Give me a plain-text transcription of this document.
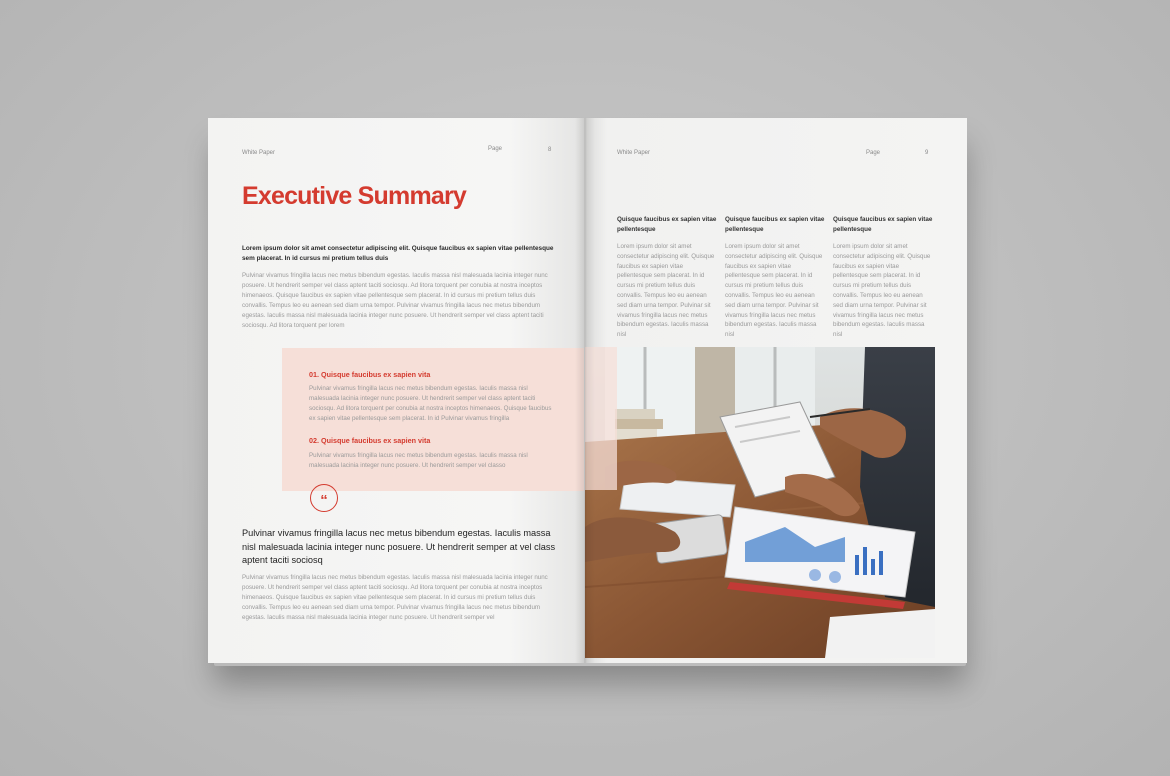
White Paper
Page	8
Executive Summary
Lorem ipsum dolor sit amet consectetur adipiscing elit. Quisque faucibus ex sapien vitae pellentesque sem placerat. In id cursus mi pretium tellus duis
Pulvinar vivamus fringilla lacus nec metus bibendum egestas. Iaculis massa nisl malesuada lacinia integer nunc posuere. Ut hendrerit semper vel class aptent taciti sociosqu. Ad litora torquent per conubia at nostra inceptos himenaeos. Quisque faucibus ex sapien vitae pellentesque sem placerat. In id cursus mi pretium tellus duis convallis. Tempus leo eu aenean sed diam urna tempor. Pulvinar vivamus fringilla lacus nec metus bibendum egestas. Iaculis massa nisl malesuada lacinia integer nunc posuere. Ut hendrerit semper vel class aptent taciti sociosqu. Ad litora torquent per lorem
01. Quisque faucibus ex sapien vita
Pulvinar vivamus fringilla lacus nec metus bibendum egestas. Iaculis massa nisl malesuada lacinia integer nunc posuere. Ut hendrerit semper vel class aptent taciti sociosqu. Ad litora torquent per conubia at nostra inceptos himenaeos. Quisque faucibus ex sapien vitae pellentesque sem placerat. In id Pulvinar vivamus fringilla
02. Quisque faucibus ex sapien vita
Pulvinar vivamus fringilla lacus nec metus bibendum egestas. Iaculis massa nisl malesuada lacinia integer nunc posuere. Ut hendrerit semper vel classo
“
Pulvinar vivamus fringilla lacus nec metus bibendum egestas. Iaculis massa nisl malesuada lacinia integer nunc posuere. Ut hendrerit semper at vel class aptent taciti sociosq
Pulvinar vivamus fringilla lacus nec metus bibendum egestas. Iaculis massa nisl malesuada lacinia integer nunc posuere. Ut hendrerit semper vel class aptent taciti sociosqu. Ad litora torquent per conubia at nostra inceptos himenaeos. Quisque faucibus ex sapien vitae pellentesque sem placerat. In id cursus mi pretium tellus duis convallis. Tempus leo eu aenean sed diam urna tempor. Pulvinar vivamus fringilla lacus nec metus bibendum egestas. Iaculis massa nisl malesuada lacinia integer nunc posuere. Ut hendrerit semper vel
White Paper	Page	9
Quisque faucibus ex sapien vitae pellentesque
Lorem ipsum dolor sit amet consectetur adipiscing elit. Quisque faucibus ex sapien vitae pellentesque sem placerat. In id cursus mi pretium tellus duis convallis. Tempus leo eu aenean sed diam urna tempor. Pulvinar sit vivamus fringilla lacus nec metus bibendum egestas. Iaculis massa nisl
Quisque faucibus ex sapien vitae pellentesque
Lorem ipsum dolor sit amet consectetur adipiscing elit. Quisque faucibus ex sapien vitae pellentesque sem placerat. In id cursus mi pretium tellus duis convallis. Tempus leo eu aenean sed diam urna tempor. Pulvinar sit vivamus fringilla lacus nec metus bibendum egestas. Iaculis massa nisl
Quisque faucibus ex sapien vitae pellentesque
Lorem ipsum dolor sit amet consectetur adipiscing elit. Quisque faucibus ex sapien vitae pellentesque sem placerat. In id cursus mi pretium tellus duis convallis. Tempus leo eu aenean sed diam urna tempor. Pulvinar sit vivamus fringilla lacus nec metus bibendum egestas. Iaculis massa nisl
